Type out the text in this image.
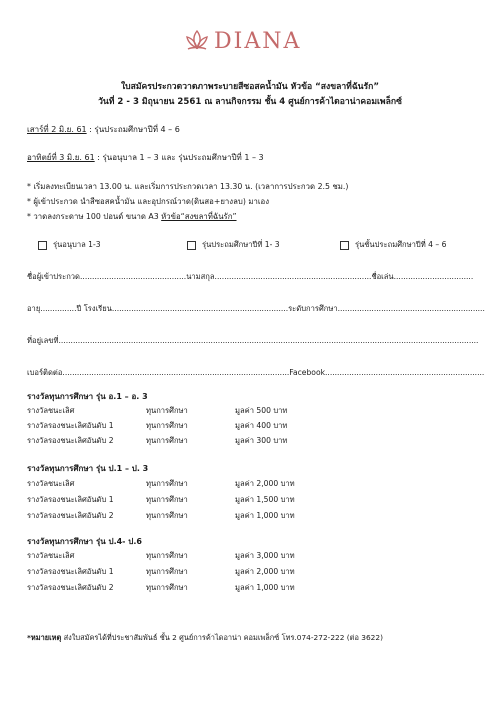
DIANA
ใบสมัครประกวดวาดภาพระบายสีซอสคน้ำมัน หัวข้อ “สงขลาที่ฉันรัก”
วันที่ 2 - 3 มิถุนายน 2561 ณ ลานกิจกรรม ชั้น 4 ศูนย์การค้าไดอาน่าคอมเพล็กซ์
เสาร์ที่ 2 มิ.ย. 61 : รุ่นประถมศึกษาปีที่ 4 – 6
อาทิตย์ที่ 3 มิ.ย. 61 : รุ่นอนุบาล 1 – 3 และ รุ่นประถมศึกษาปีที่ 1 – 3
* เริ่มลงทะเบียนเวลา 13.00 น. และเริ่มการประกวดเวลา 13.30 น. (เวลาการประกวด 2.5 ชม.)
* ผู้เข้าประกวด นำสีซอสคน้ำมัน และอุปกรณ์วาด(ดินสอ+ยางลบ) มาเอง
* วาดลงกระดาษ 100 ปอนด์ ขนาด A3 หัวข้อ“สงขลาที่ฉันรัก”
รุ่นอนุบาล 1-3	รุ่นประถมศึกษาปีที่ 1- 3	รุ่นชั้นประถมศึกษาปีที่ 4 – 6
ชื่อผู้เข้าประกวด............................................นามสกุล.................................................................ชื่อเล่น.................................
อายุ...............ปี โรงเรียน.........................................................................ระดับการศึกษา.............................................................
ที่อยู่เลขที่..............................................................................................................................................................................
เบอร์ติดต่อ..............................................................................................Facebook..................................................................
รางวัลทุนการศึกษา รุ่น อ.1 – อ. 3
รางวัลชนะเลิศ	ทุนการศึกษา	มูลค่า 500 บาท
รางวัลรองชนะเลิศอันดับ 1	ทุนการศึกษา	มูลค่า 400 บาท
รางวัลรองชนะเลิศอันดับ 2	ทุนการศึกษา	มูลค่า 300 บาท
รางวัลทุนการศึกษา รุ่น ป.1 – ป. 3
รางวัลชนะเลิศ	ทุนการศึกษา	มูลค่า 2,000 บาท
รางวัลรองชนะเลิศอันดับ 1	ทุนการศึกษา	มูลค่า 1,500 บาท
รางวัลรองชนะเลิศอันดับ 2	ทุนการศึกษา	มูลค่า 1,000 บาท
รางวัลทุนการศึกษา รุ่น ป.4- ป.6
รางวัลชนะเลิศ	ทุนการศึกษา	มูลค่า 3,000 บาท
รางวัลรองชนะเลิศอันดับ 1	ทุนการศึกษา	มูลค่า 2,000 บาท
รางวัลรองชนะเลิศอันดับ 2	ทุนการศึกษา	มูลค่า 1,000 บาท
*หมายเหตุ ส่งใบสมัครได้ที่ประชาสัมพันธ์ ชั้น 2 ศูนย์การค้าไดอาน่า คอมเพล็กซ์ โทร.074-272-222 (ต่อ 3622)
